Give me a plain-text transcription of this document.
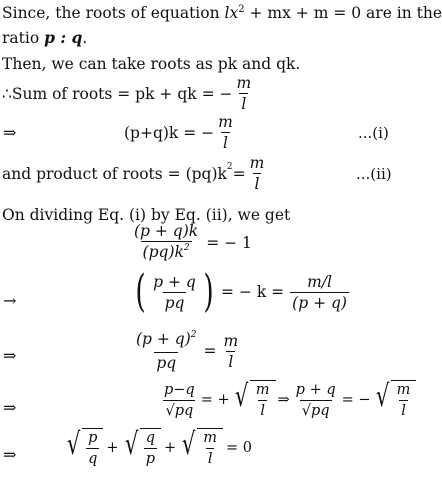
Since, the roots of equation $lx^2$ + mx + m = 0 are in the
ratio p : q.
Then, we can take roots as pk and qk.
∴Sum of roots = pk + qk = − $\frac{m}{l}$
⇒	(p+q)k = − $\frac{m}{l}$	...(i)
and product of roots = (pq)k $2 = \frac{m}{l}$	...(ii)
On dividing Eq. (i) by Eq. (ii), we get
$\frac{(p + q)k}{(pq)k^2}$ = − 1
→	( $\frac{p + q}{pq}$ ) = − $k = \frac{m/l}{(p + q)}$
⇒	$\frac{(p + q)^2}{pq} = \frac{m}{l}$
⇒	$\frac{p-q}{√pq}$ = + √ $\frac{m}{l}$ ⇒ $\frac{p + q}{√pq}$ = − √ $\frac{m}{l}$
⇒ √ $\frac{p}{q}$ + √ $\frac{q}{p}$ + √ $\frac{m}{l} = 0$
